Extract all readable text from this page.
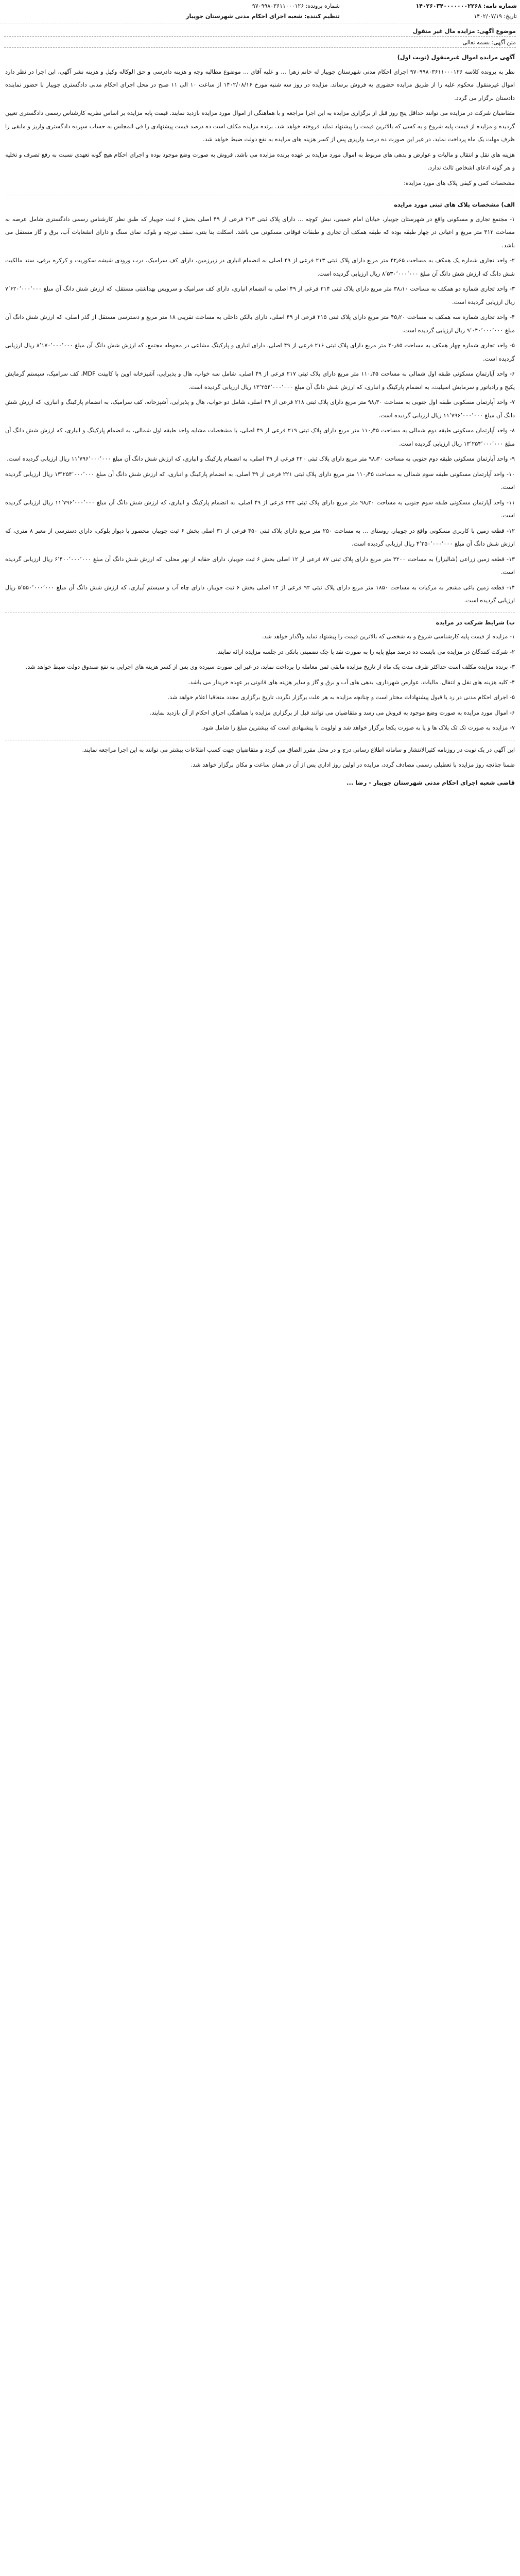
شماره نامه: ۱۴۰۲۶۰۳۴۰۰۰۰۰۰۰۲۲۶۸
تاریخ: ۱۴۰۲/۰۷/۱۹
شماره پرونده: ۹۷۰۹۹۸۰۳۶۱۱۰۰۰۱۲۶
تنظیم کننده: شعبه اجرای احکام مدنی شهرستان جویبار
موضوع آگهی: مزایده مال غیر منقول
متن آگهی: بسمه تعالی

آگهی مزایده اموال غیرمنقول (نوبت اول)

نظر به پرونده کلاسه ۹۷۰۹۹۸۰۳۶۱۱۰۰۰۱۲۶ اجرای احکام مدنی شهرستان جویبار له خانم زهرا ... و علیه آقای ... موضوع مطالبه وجه و هزینه دادرسی و حق الوکاله وکیل و هزینه نشر آگهی، این اجرا در نظر دارد اموال غیرمنقول محکوم علیه را از طریق مزایده حضوری به فروش برساند. مزایده در روز سه شنبه مورخ ۱۴۰۲/۰۸/۱۶ از ساعت ۱۰ الی ۱۱ صبح در محل اجرای احکام مدنی دادگستری جویبار با حضور نماینده دادستان برگزار می گردد.

متقاضیان شرکت در مزایده می توانند حداقل پنج روز قبل از برگزاری مزایده به این اجرا مراجعه و با هماهنگی از اموال مورد مزایده بازدید نمایند. قیمت پایه مزایده بر اساس نظریه کارشناس رسمی دادگستری تعیین گردیده و مزایده از قیمت پایه شروع و به کسی که بالاترین قیمت را پیشنهاد نماید فروخته خواهد شد. برنده مزایده مکلف است ده درصد قیمت پیشنهادی را فی المجلس به حساب سپرده دادگستری واریز و مابقی را ظرف مهلت یک ماه پرداخت نماید، در غیر این صورت ده درصد واریزی پس از کسر هزینه های مزایده به نفع دولت ضبط خواهد شد.

هزینه های نقل و انتقال و مالیات و عوارض و بدهی های مربوط به اموال مورد مزایده بر عهده برنده مزایده می باشد. فروش به صورت وضع موجود بوده و اجرای احکام هیچ گونه تعهدی نسبت به رفع تصرف و تخلیه و هر گونه ادعای اشخاص ثالث ندارد.

مشخصات کمی و کیفی پلاک های مورد مزایده:

الف) مشخصات پلاک های ثبتی مورد مزایده

۱- مجتمع تجاری و مسکونی واقع در شهرستان جویبار، خیابان امام خمینی، نبش کوچه ... دارای پلاک ثبتی ۲۱۳ فرعی از ۴۹ اصلی بخش ۶ ثبت جویبار که طبق نظر کارشناس رسمی دادگستری شامل عرصه به مساحت ۳۱۲ متر مربع و اعیانی در چهار طبقه بوده که طبقه همکف آن تجاری و طبقات فوقانی مسکونی می باشد. اسکلت بنا بتنی، سقف تیرچه و بلوک، نمای سنگ و دارای انشعابات آب، برق و گاز مستقل می باشد.

۲- واحد تجاری شماره یک همکف به مساحت ۴۲٫۶۵ متر مربع دارای پلاک ثبتی ۲۱۳ فرعی از ۴۹ اصلی به انضمام انباری در زیرزمین، دارای کف سرامیک، درب ورودی شیشه سکوریت و کرکره برقی، سند مالکیت شش دانگ که ارزش شش دانگ آن مبلغ ۸٬۵۳۰٬۰۰۰٬۰۰۰ ریال ارزیابی گردیده است.

۳- واحد تجاری شماره دو همکف به مساحت ۳۸٫۱۰ متر مربع دارای پلاک ثبتی ۲۱۴ فرعی از ۴۹ اصلی به انضمام انباری، دارای کف سرامیک و سرویس بهداشتی مستقل، که ارزش شش دانگ آن مبلغ ۷٬۶۲۰٬۰۰۰٬۰۰۰ ریال ارزیابی گردیده است.

۴- واحد تجاری شماره سه همکف به مساحت ۴۵٫۲۰ متر مربع دارای پلاک ثبتی ۲۱۵ فرعی از ۴۹ اصلی، دارای بالکن داخلی به مساحت تقریبی ۱۸ متر مربع و دسترسی مستقل از گذر اصلی، که ارزش شش دانگ آن مبلغ ۹٬۰۴۰٬۰۰۰٬۰۰۰ ریال ارزیابی گردیده است.

۵- واحد تجاری شماره چهار همکف به مساحت ۴۰٫۸۵ متر مربع دارای پلاک ثبتی ۲۱۶ فرعی از ۴۹ اصلی، دارای انباری و پارکینگ مشاعی در محوطه مجتمع، که ارزش شش دانگ آن مبلغ ۸٬۱۷۰٬۰۰۰٬۰۰۰ ریال ارزیابی گردیده است.

۶- واحد آپارتمان مسکونی طبقه اول شمالی به مساحت ۱۱۰٫۴۵ متر مربع دارای پلاک ثبتی ۲۱۷ فرعی از ۴۹ اصلی، شامل سه خواب، هال و پذیرایی، آشپزخانه اوپن با کابینت MDF، کف سرامیک، سیستم گرمایش پکیج و رادیاتور و سرمایش اسپلیت، به انضمام پارکینگ و انباری، که ارزش شش دانگ آن مبلغ ۱۳٬۲۵۴٬۰۰۰٬۰۰۰ ریال ارزیابی گردیده است.

۷- واحد آپارتمان مسکونی طبقه اول جنوبی به مساحت ۹۸٫۳۰ متر مربع دارای پلاک ثبتی ۲۱۸ فرعی از ۴۹ اصلی، شامل دو خواب، هال و پذیرایی، آشپزخانه، کف سرامیک، به انضمام پارکینگ و انباری، که ارزش شش دانگ آن مبلغ ۱۱٬۷۹۶٬۰۰۰٬۰۰۰ ریال ارزیابی گردیده است.

۸- واحد آپارتمان مسکونی طبقه دوم شمالی به مساحت ۱۱۰٫۴۵ متر مربع دارای پلاک ثبتی ۲۱۹ فرعی از ۴۹ اصلی، با مشخصات مشابه واحد طبقه اول شمالی، به انضمام پارکینگ و انباری، که ارزش شش دانگ آن مبلغ ۱۳٬۲۵۴٬۰۰۰٬۰۰۰ ریال ارزیابی گردیده است.

۹- واحد آپارتمان مسکونی طبقه دوم جنوبی به مساحت ۹۸٫۳۰ متر مربع دارای پلاک ثبتی ۲۲۰ فرعی از ۴۹ اصلی، به انضمام پارکینگ و انباری، که ارزش شش دانگ آن مبلغ ۱۱٬۷۹۶٬۰۰۰٬۰۰۰ ریال ارزیابی گردیده است.

۱۰- واحد آپارتمان مسکونی طبقه سوم شمالی به مساحت ۱۱۰٫۴۵ متر مربع دارای پلاک ثبتی ۲۲۱ فرعی از ۴۹ اصلی، به انضمام پارکینگ و انباری، که ارزش شش دانگ آن مبلغ ۱۳٬۲۵۴٬۰۰۰٬۰۰۰ ریال ارزیابی گردیده است.

۱۱- واحد آپارتمان مسکونی طبقه سوم جنوبی به مساحت ۹۸٫۳۰ متر مربع دارای پلاک ثبتی ۲۲۲ فرعی از ۴۹ اصلی، به انضمام پارکینگ و انباری، که ارزش شش دانگ آن مبلغ ۱۱٬۷۹۶٬۰۰۰٬۰۰۰ ریال ارزیابی گردیده است.

۱۲- قطعه زمین با کاربری مسکونی واقع در جویبار، روستای ... به مساحت ۲۵۰ متر مربع دارای پلاک ثبتی ۴۵۰ فرعی از ۳۱ اصلی بخش ۶ ثبت جویبار، محصور با دیوار بلوکی، دارای دسترسی از معبر ۸ متری، که ارزش شش دانگ آن مبلغ ۴٬۲۵۰٬۰۰۰٬۰۰۰ ریال ارزیابی گردیده است.

۱۳- قطعه زمین زراعی (شالیزار) به مساحت ۳۲۰۰ متر مربع دارای پلاک ثبتی ۸۷ فرعی از ۱۲ اصلی بخش ۶ ثبت جویبار، دارای حقابه از نهر محلی، که ارزش شش دانگ آن مبلغ ۶٬۴۰۰٬۰۰۰٬۰۰۰ ریال ارزیابی گردیده است.

۱۴- قطعه زمین باغی مشجر به مرکبات به مساحت ۱۸۵۰ متر مربع دارای پلاک ثبتی ۹۲ فرعی از ۱۲ اصلی بخش ۶ ثبت جویبار، دارای چاه آب و سیستم آبیاری، که ارزش شش دانگ آن مبلغ ۵٬۵۵۰٬۰۰۰٬۰۰۰ ریال ارزیابی گردیده است.

ب) شرایط شرکت در مزایده

۱- مزایده از قیمت پایه کارشناسی شروع و به شخصی که بالاترین قیمت را پیشنهاد نماید واگذار خواهد شد.

۲- شرکت کنندگان در مزایده می بایست ده درصد مبلغ پایه را به صورت نقد یا چک تضمینی بانکی در جلسه مزایده ارائه نمایند.

۳- برنده مزایده مکلف است حداکثر ظرف مدت یک ماه از تاریخ مزایده مابقی ثمن معامله را پرداخت نماید، در غیر این صورت سپرده وی پس از کسر هزینه های اجرایی به نفع صندوق دولت ضبط خواهد شد.

۴- کلیه هزینه های نقل و انتقال، مالیات، عوارض شهرداری، بدهی های آب و برق و گاز و سایر هزینه های قانونی بر عهده خریدار می باشد.

۵- اجرای احکام مدنی در رد یا قبول پیشنهادات مختار است و چنانچه مزایده به هر علت برگزار نگردد، تاریخ برگزاری مجدد متعاقبا اعلام خواهد شد.

۶- اموال مورد مزایده به صورت وضع موجود به فروش می رسد و متقاضیان می توانند قبل از برگزاری مزایده با هماهنگی اجرای احکام از آن بازدید نمایند.

۷- مزایده به صورت تک تک پلاک ها و یا به صورت یکجا برگزار خواهد شد و اولویت با پیشنهادی است که بیشترین مبلغ را شامل شود.

این آگهی در یک نوبت در روزنامه کثیرالانتشار و سامانه اطلاع رسانی درج و در محل مقرر الصاق می گردد و متقاضیان جهت کسب اطلاعات بیشتر می توانند به این اجرا مراجعه نمایند.

ضمنا چنانچه روز مزایده با تعطیلی رسمی مصادف گردد، مزایده در اولین روز اداری پس از آن در همان ساعت و مکان برگزار خواهد شد.

قاضی شعبه اجرای احکام مدنی شهرستان جویبار - رضا ...
